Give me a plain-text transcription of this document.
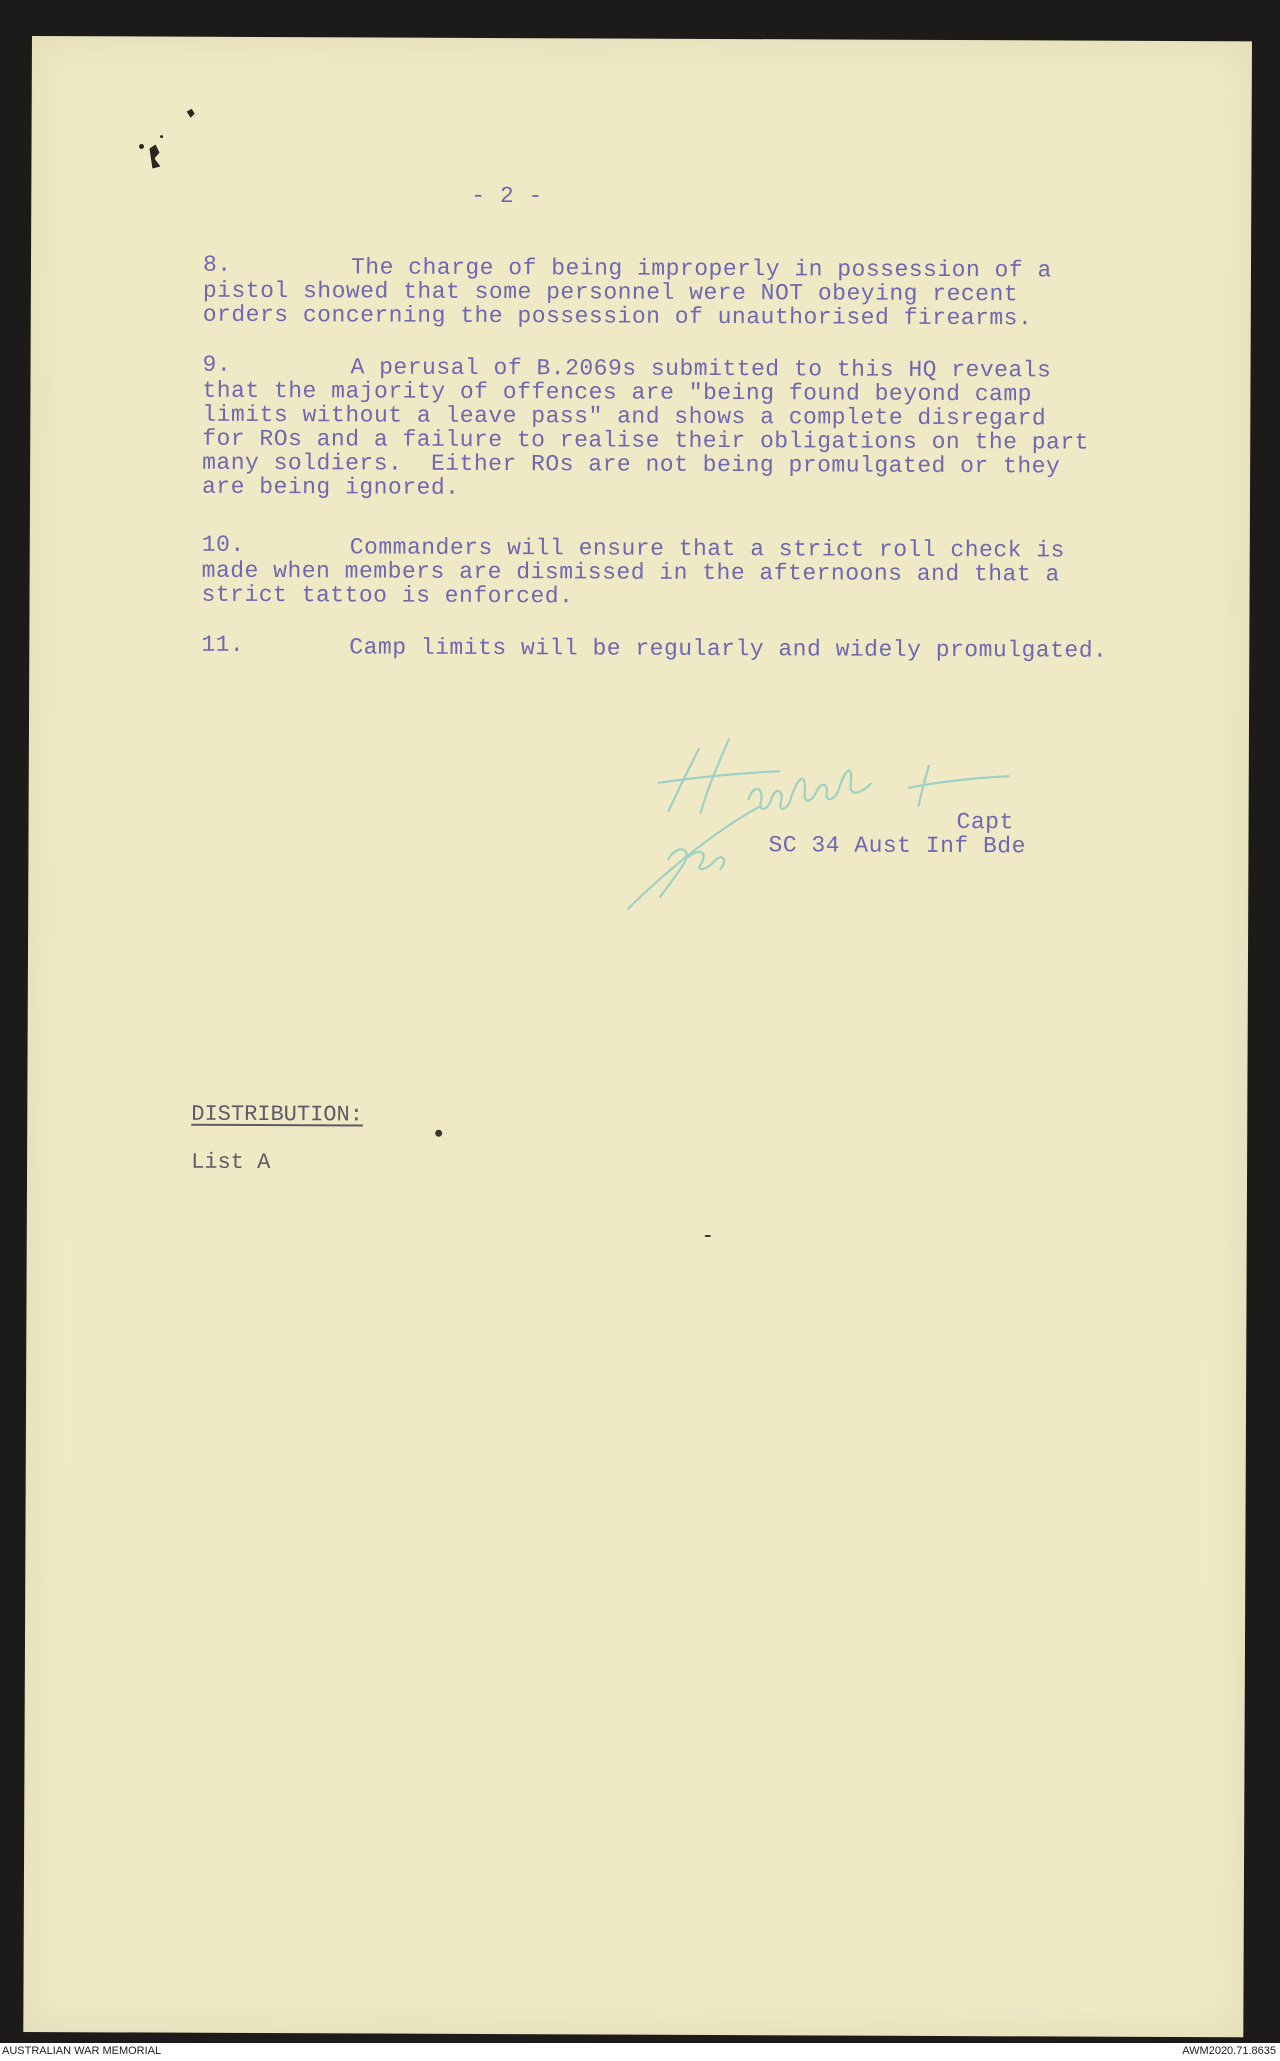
- 2 -
8.	The charge of being improperly in possession of a
pistol showed that some personnel were NOT obeying recent
orders concerning the possession of unauthorised firearms.
9.	A perusal of B.2069s submitted to this HQ reveals
that the majority of offences are "being found beyond camp
limits without a leave pass" and shows a complete disregard
for ROs and a failure to realise their obligations on the part
many soldiers.  Either ROs are not being promulgated or they
are being ignored.
10.	Commanders will ensure that a strict roll check is
made when members are dismissed in the afternoons and that a
strict tattoo is enforced.
11.	Camp limits will be regularly and widely promulgated.
Capt
SC 34 Aust Inf Bde
DISTRIBUTION:
List A
AUSTRALIAN WAR MEMORIAL	AWM2020.71.8635
